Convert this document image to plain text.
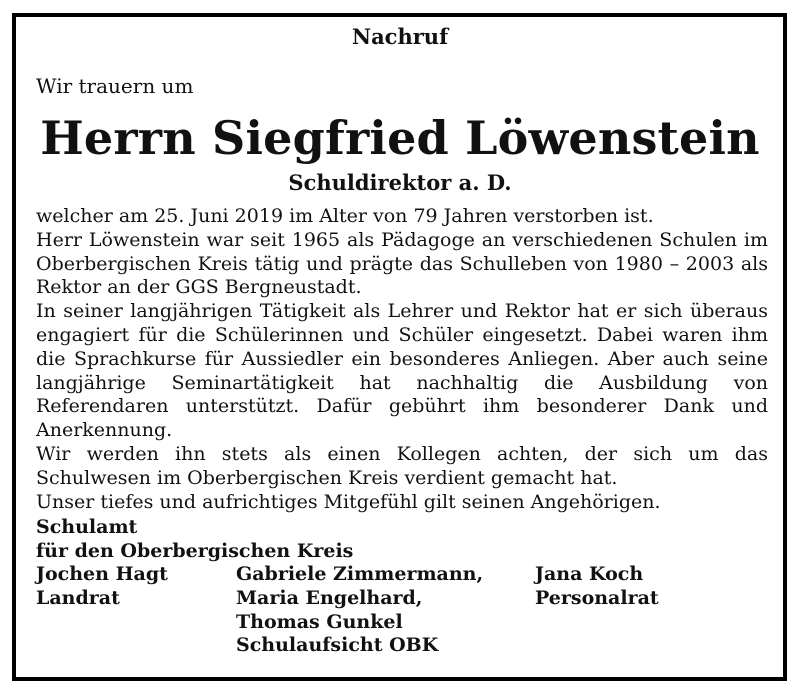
Nachruf
Wir trauern um
Herrn Siegfried Löwenstein
Schuldirektor a. D.

welcher am 25. Juni 2019 im Alter von 79 Jahren verstorben ist.

Herr Löwenstein war seit 1965 als Pädagoge an verschiedenen Schulen im Oberbergischen Kreis tätig und prägte das Schulleben von 1980 – 2003 als Rektor an der GGS Bergneustadt.

In seiner langjährigen Tätigkeit als Lehrer und Rektor hat er sich überaus engagiert für die Schülerinnen und Schüler eingesetzt. Dabei waren ihm die Sprachkurse für Aussiedler ein besonderes Anliegen. Aber auch seine langjährige Seminartätigkeit hat nachhaltig die Ausbildung von Referendaren unterstützt. Dafür gebührt ihm besonderer Dank und Anerkennung.

Wir werden ihn stets als einen Kollegen achten, der sich um das Schulwesen im Oberbergischen Kreis verdient gemacht hat.

Unser tiefes und aufrichtiges Mitgefühl gilt seinen Angehörigen.

Schulamt
für den Oberbergischen Kreis
Jochen Hagt
Landrat
Gabriele Zimmermann,
Maria Engelhard,
Thomas Gunkel
Schulaufsicht OBK
Jana Koch
Personalrat
